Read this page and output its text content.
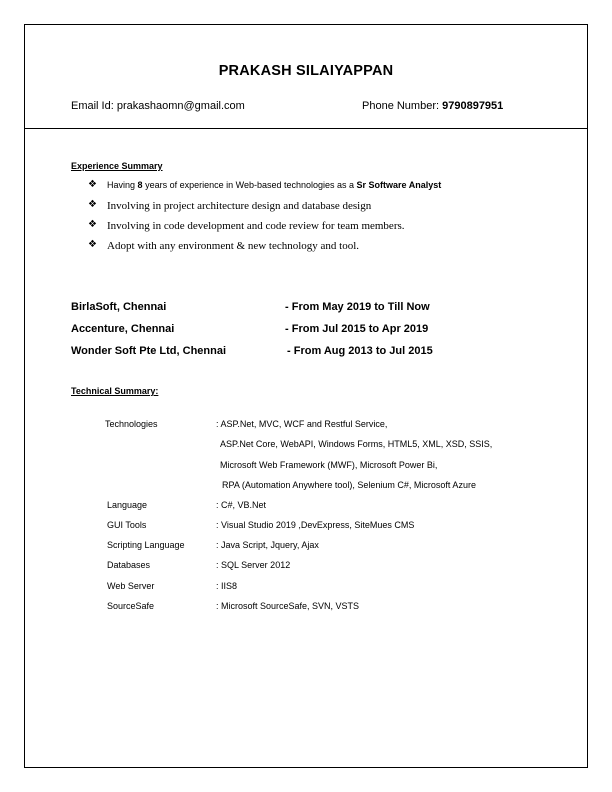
PRAKASH SILAIYAPPAN
Email Id: prakashaomn@gmail.com	Phone Number: 9790897951
Experience Summary
❖ Having 8 years of experience in Web-based technologies as a Sr Software Analyst
❖ Involving in project architecture design and database design
❖ Involving in code development and code review for team members.
❖ Adopt with any environment & new technology and tool.
BirlaSoft, Chennai	- From May 2019 to Till Now
Accenture, Chennai	- From Jul 2015 to Apr 2019
Wonder Soft Pte Ltd, Chennai	- From Aug 2013 to Jul 2015
Technical Summary:
Technologies	: ASP.Net, MVC, WCF and Restful Service,
ASP.Net Core, WebAPI, Windows Forms, HTML5, XML, XSD, SSIS,
Microsoft Web Framework (MWF), Microsoft Power Bi,
RPA (Automation Anywhere tool), Selenium C#, Microsoft Azure
Language	: C#, VB.Net
GUI Tools	: Visual Studio 2019 ,DevExpress, SiteMues CMS
Scripting Language	: Java Script, Jquery, Ajax
Databases	: SQL Server 2012
Web Server	: IIS8
SourceSafe	: Microsoft SourceSafe, SVN, VSTS
